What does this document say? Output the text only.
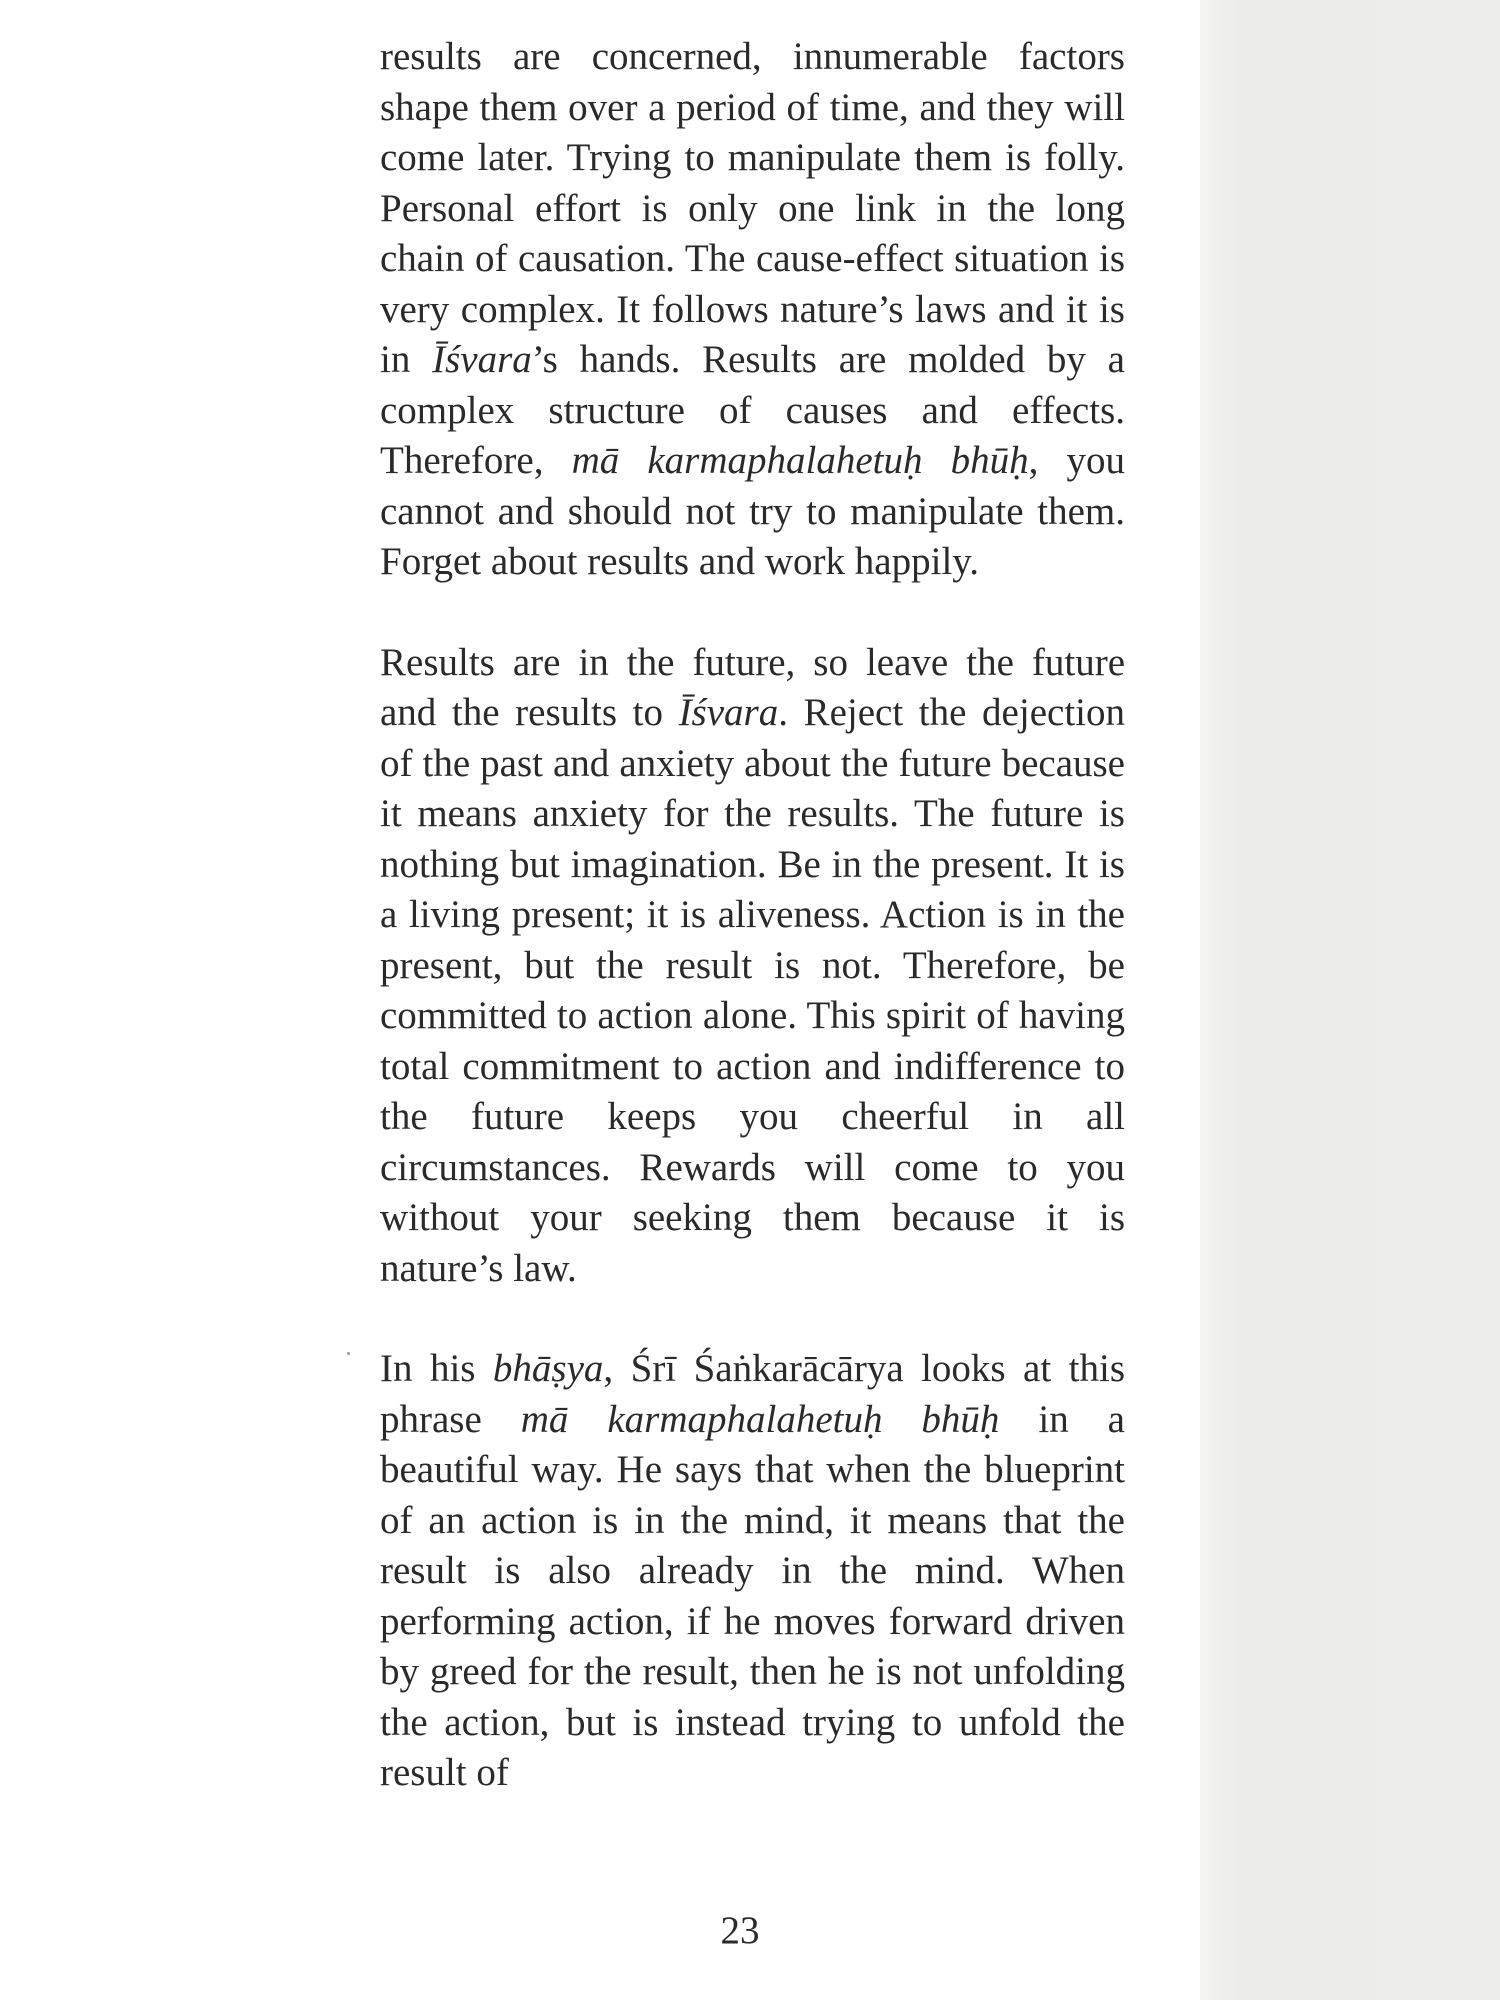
results are concerned, innumerable factors shape them over a period of time, and they will come later. Trying to manipulate them is folly. Personal effort is only one link in the long chain of causation. The cause-effect situation is very complex. It follows nature’s laws and it is in Īśvara’s hands. Results are molded by a complex structure of causes and effects. Therefore, mā karmaphalahetuḥ bhūḥ, you cannot and should not try to manipulate them. Forget about results and work happily.

Results are in the future, so leave the future and the results to Īśvara. Reject the dejection of the past and anxiety about the future because it means anxiety for the results. The future is nothing but imagination. Be in the present. It is a living present; it is aliveness. Action is in the present, but the result is not. Therefore, be committed to action alone. This spirit of having total commitment to action and indifference to the future keeps you cheerful in all circumstances. Rewards will come to you without your seeking them because it is nature’s law.

In his bhāṣya, Śrī Śaṅkarācārya looks at this phrase mā karmaphalahetuḥ bhūḥ in a beautiful way. He says that when the blueprint of an action is in the mind, it means that the result is also already in the mind. When performing action, if he moves forward driven by greed for the result, then he is not unfolding the action, but is instead trying to unfold the result of

23
